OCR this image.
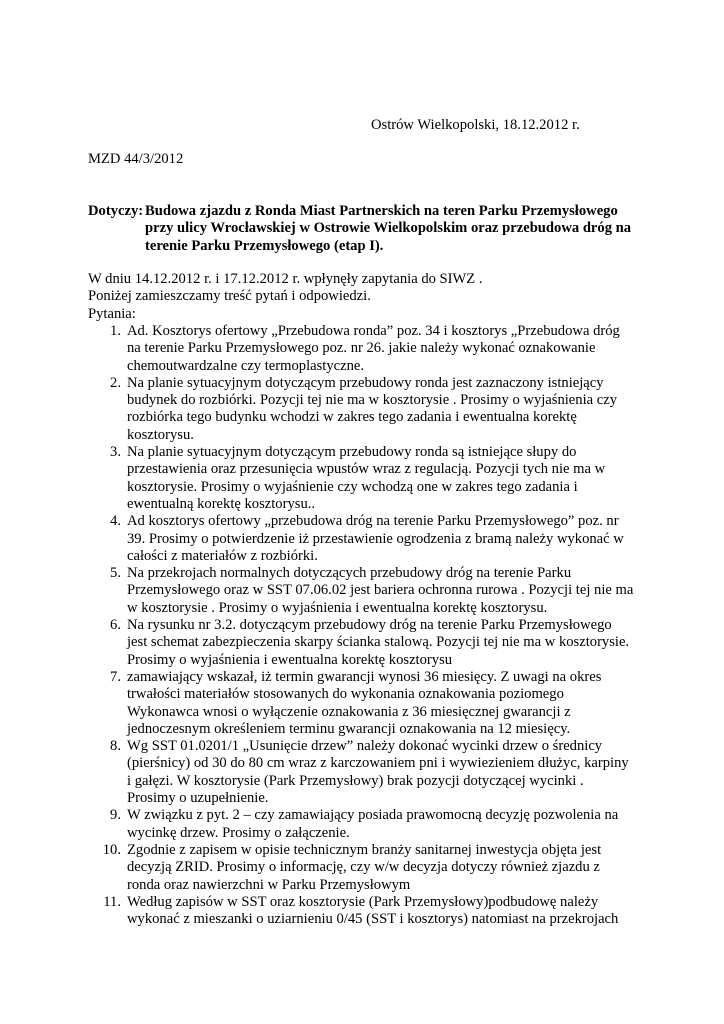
Ostrów Wielkopolski, 18.12.2012 r.
MZD 44/3/2012
Dotyczy: Budowa zjazdu z Ronda Miast Partnerskich na teren Parku Przemysłowego
przy ulicy Wrocławskiej w Ostrowie Wielkopolskim oraz przebudowa dróg na
terenie Parku Przemysłowego (etap I).
W dniu 14.12.2012 r. i 17.12.2012 r. wpłynęły zapytania do SIWZ .
Poniżej zamieszczamy treść pytań i odpowiedzi.
Pytania:
1. Ad. Kosztorys ofertowy „Przebudowa ronda” poz. 34 i kosztorys „Przebudowa dróg
na terenie Parku Przemysłowego poz. nr 26. jakie należy wykonać oznakowanie
chemoutwardzalne czy termoplastyczne.
2. Na planie sytuacyjnym dotyczącym przebudowy ronda jest zaznaczony istniejący
budynek do rozbiórki. Pozycji tej nie ma w kosztorysie . Prosimy o wyjaśnienia czy
rozbiórka tego budynku wchodzi w zakres tego zadania i ewentualna korektę
kosztorysu.
3. Na planie sytuacyjnym dotyczącym przebudowy ronda są istniejące słupy do
przestawienia oraz przesunięcia wpustów wraz z regulacją. Pozycji tych nie ma w
kosztorysie. Prosimy o wyjaśnienie czy wchodzą one w zakres tego zadania i
ewentualną korektę kosztorysu..
4. Ad kosztorys ofertowy „przebudowa dróg na terenie Parku Przemysłowego” poz. nr
39. Prosimy o potwierdzenie iż przestawienie ogrodzenia z bramą należy wykonać w
całości z materiałów z rozbiórki.
5. Na przekrojach normalnych dotyczących przebudowy dróg na terenie Parku
Przemysłowego oraz w SST 07.06.02 jest bariera ochronna rurowa . Pozycji tej nie ma
w kosztorysie . Prosimy o wyjaśnienia i ewentualna korektę kosztorysu.
6. Na rysunku nr 3.2. dotyczącym przebudowy dróg na terenie Parku Przemysłowego
jest schemat zabezpieczenia skarpy ścianka stalową. Pozycji tej nie ma w kosztorysie.
Prosimy o wyjaśnienia i ewentualna korektę kosztorysu
7. zamawiający wskazał, iż termin gwarancji wynosi 36 miesięcy. Z uwagi na okres
trwałości materiałów stosowanych do wykonania oznakowania poziomego
Wykonawca wnosi o wyłączenie oznakowania z 36 miesięcznej gwarancji z
jednoczesnym określeniem terminu gwarancji oznakowania na 12 miesięcy.
8. Wg SST 01.0201/1 „Usunięcie drzew” należy dokonać wycinki drzew o średnicy
(pierśnicy) od 30 do 80 cm wraz z karczowaniem pni i wywiezieniem dłużyc, karpiny
i gałęzi. W kosztorysie (Park Przemysłowy) brak pozycji dotyczącej wycinki .
Prosimy o uzupełnienie.
9. W związku z pyt. 2 – czy zamawiający posiada prawomocną decyzję pozwolenia na
wycinkę drzew. Prosimy o załączenie.
10. Zgodnie z zapisem w opisie technicznym branży sanitarnej inwestycja objęta jest
decyzją ZRID. Prosimy o informację, czy w/w decyzja dotyczy również zjazdu z
ronda oraz nawierzchni w Parku Przemysłowym
11. Według zapisów w SST oraz kosztorysie (Park Przemysłowy)podbudowę należy
wykonać z mieszanki o uziarnieniu 0/45 (SST i kosztorys) natomiast na przekrojach
